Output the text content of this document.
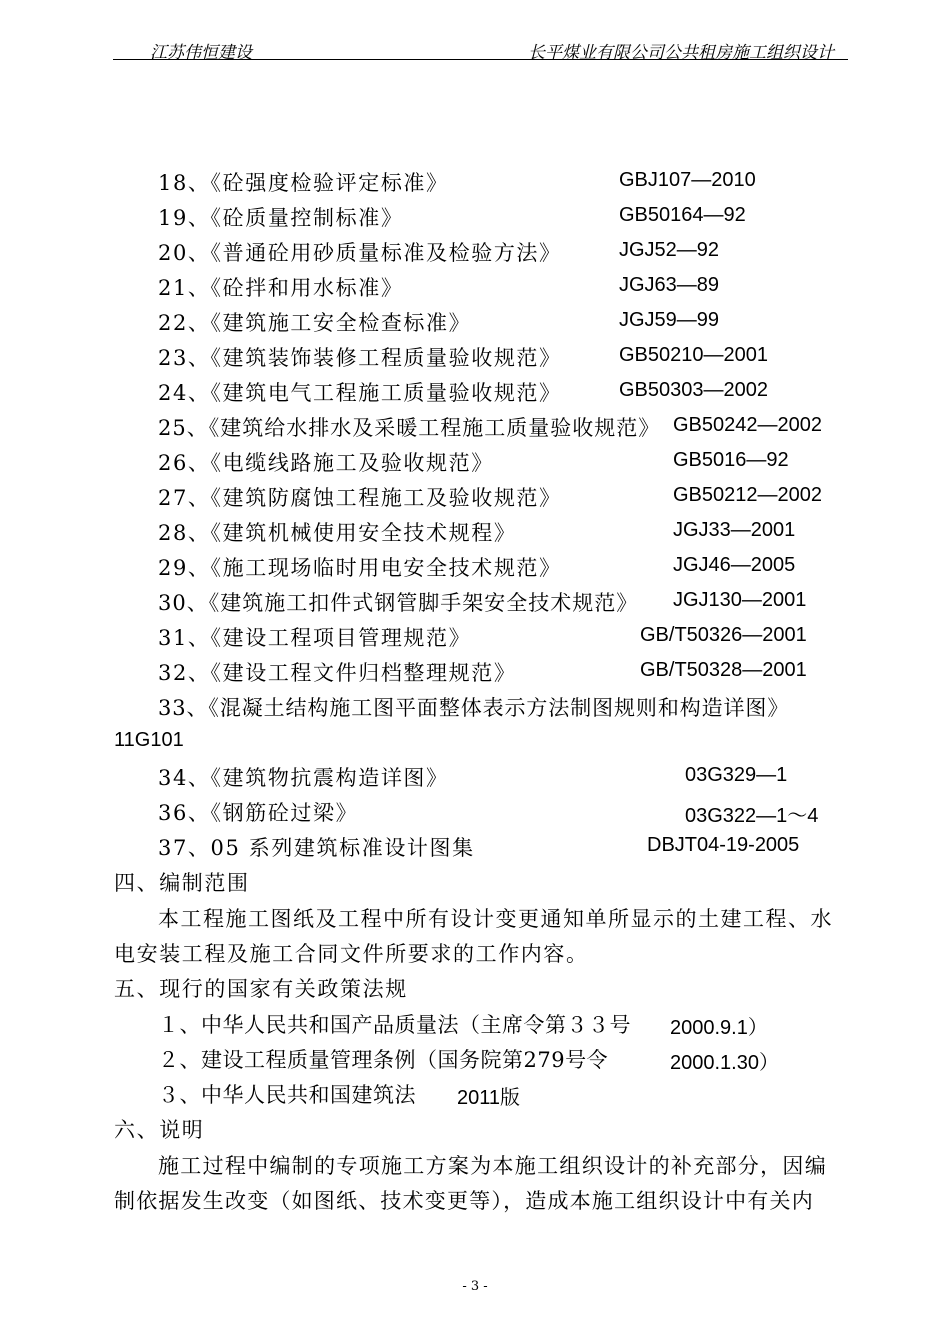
江苏伟恒建设	长平煤业有限公司公共租房施工组织设计
18、《砼强度检验评定标准》	GBJ107—2010
19、《砼质量控制标准》	GB50164—92
20、《普通砼用砂质量标准及检验方法》	JGJ52—92
21、《砼拌和用水标准》	JGJ63—89
22、《建筑施工安全检查标准》	JGJ59—99
23、《建筑装饰装修工程质量验收规范》	GB50210—2001
24、《建筑电气工程施工质量验收规范》	GB50303—2002
25、《建筑给水排水及采暖工程施工质量验收规范》 GB50242—2002
26、《电缆线路施工及验收规范》	GB5016—92
27、《建筑防腐蚀工程施工及验收规范》	GB50212—2002
28、《建筑机械使用安全技术规程》	JGJ33—2001
29、《施工现场临时用电安全技术规范》	JGJ46—2005
30、《建筑施工扣件式钢管脚手架安全技术规范》 JGJ130—2001
31、《建设工程项目管理规范》	GB/T50326—2001
32、《建设工程文件归档整理规范》	GB/T50328—2001
33、《混凝土结构施工图平面整体表示方法制图规则和构造详图》
11G101
34、《建筑物抗震构造详图》	03G329—1
36、《钢筋砼过梁》	03G322—1～4
37、05 系列建筑标准设计图集	DBJT04-19-2005
四、编制范围
本工程施工图纸及工程中所有设计变更通知单所显示的土建工程、水
电安装工程及施工合同文件所要求的工作内容。
五、现行的国家有关政策法规
１、中华人民共和国产品质量法（主席令第３３号 2000.9.1）
２、建设工程质量管理条例（国务院第279号令	2000.1.30）
３、中华人民共和国建筑法 2011版
六、说明
施工过程中编制的专项施工方案为本施工组织设计的补充部分，因编
制依据发生改变（如图纸、技术变更等），造成本施工组织设计中有关内
- 3 -
